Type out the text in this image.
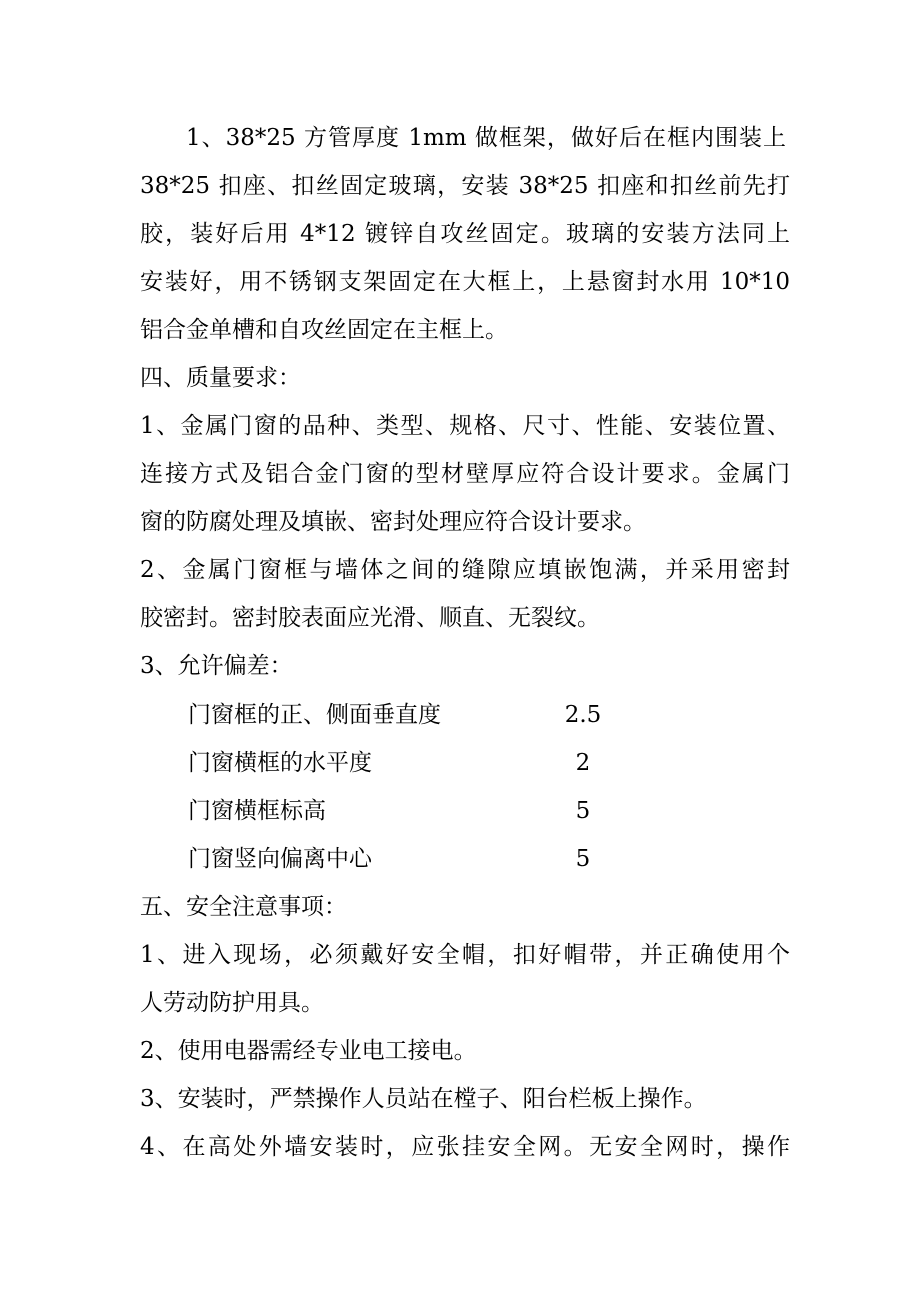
1、38*25 方管厚度 1mm 做框架，做好后在框内围装上
38*25 扣座、扣丝固定玻璃，安装 38*25 扣座和扣丝前先打
胶，装好后用 4*12 镀锌自攻丝固定。玻璃的安装方法同上
安装好，用不锈钢支架固定在大框上，上悬窗封水用 10*10
铝合金单槽和自攻丝固定在主框上。
四、质量要求：
1、金属门窗的品种、类型、规格、尺寸、性能、安装位置、
连接方式及铝合金门窗的型材壁厚应符合设计要求。金属门
窗的防腐处理及填嵌、密封处理应符合设计要求。
2、金属门窗框与墙体之间的缝隙应填嵌饱满，并采用密封
胶密封。密封胶表面应光滑、顺直、无裂纹。
3、允许偏差：
门窗框的正、侧面垂直度	2.5
门窗横框的水平度	2
门窗横框标高	5
门窗竖向偏离中心	5
五、安全注意事项：
1、进入现场，必须戴好安全帽，扣好帽带，并正确使用个
人劳动防护用具。
2、使用电器需经专业电工接电。
3、安装时，严禁操作人员站在樘子、阳台栏板上操作。
4、在高处外墙安装时，应张挂安全网。无安全网时，操作
